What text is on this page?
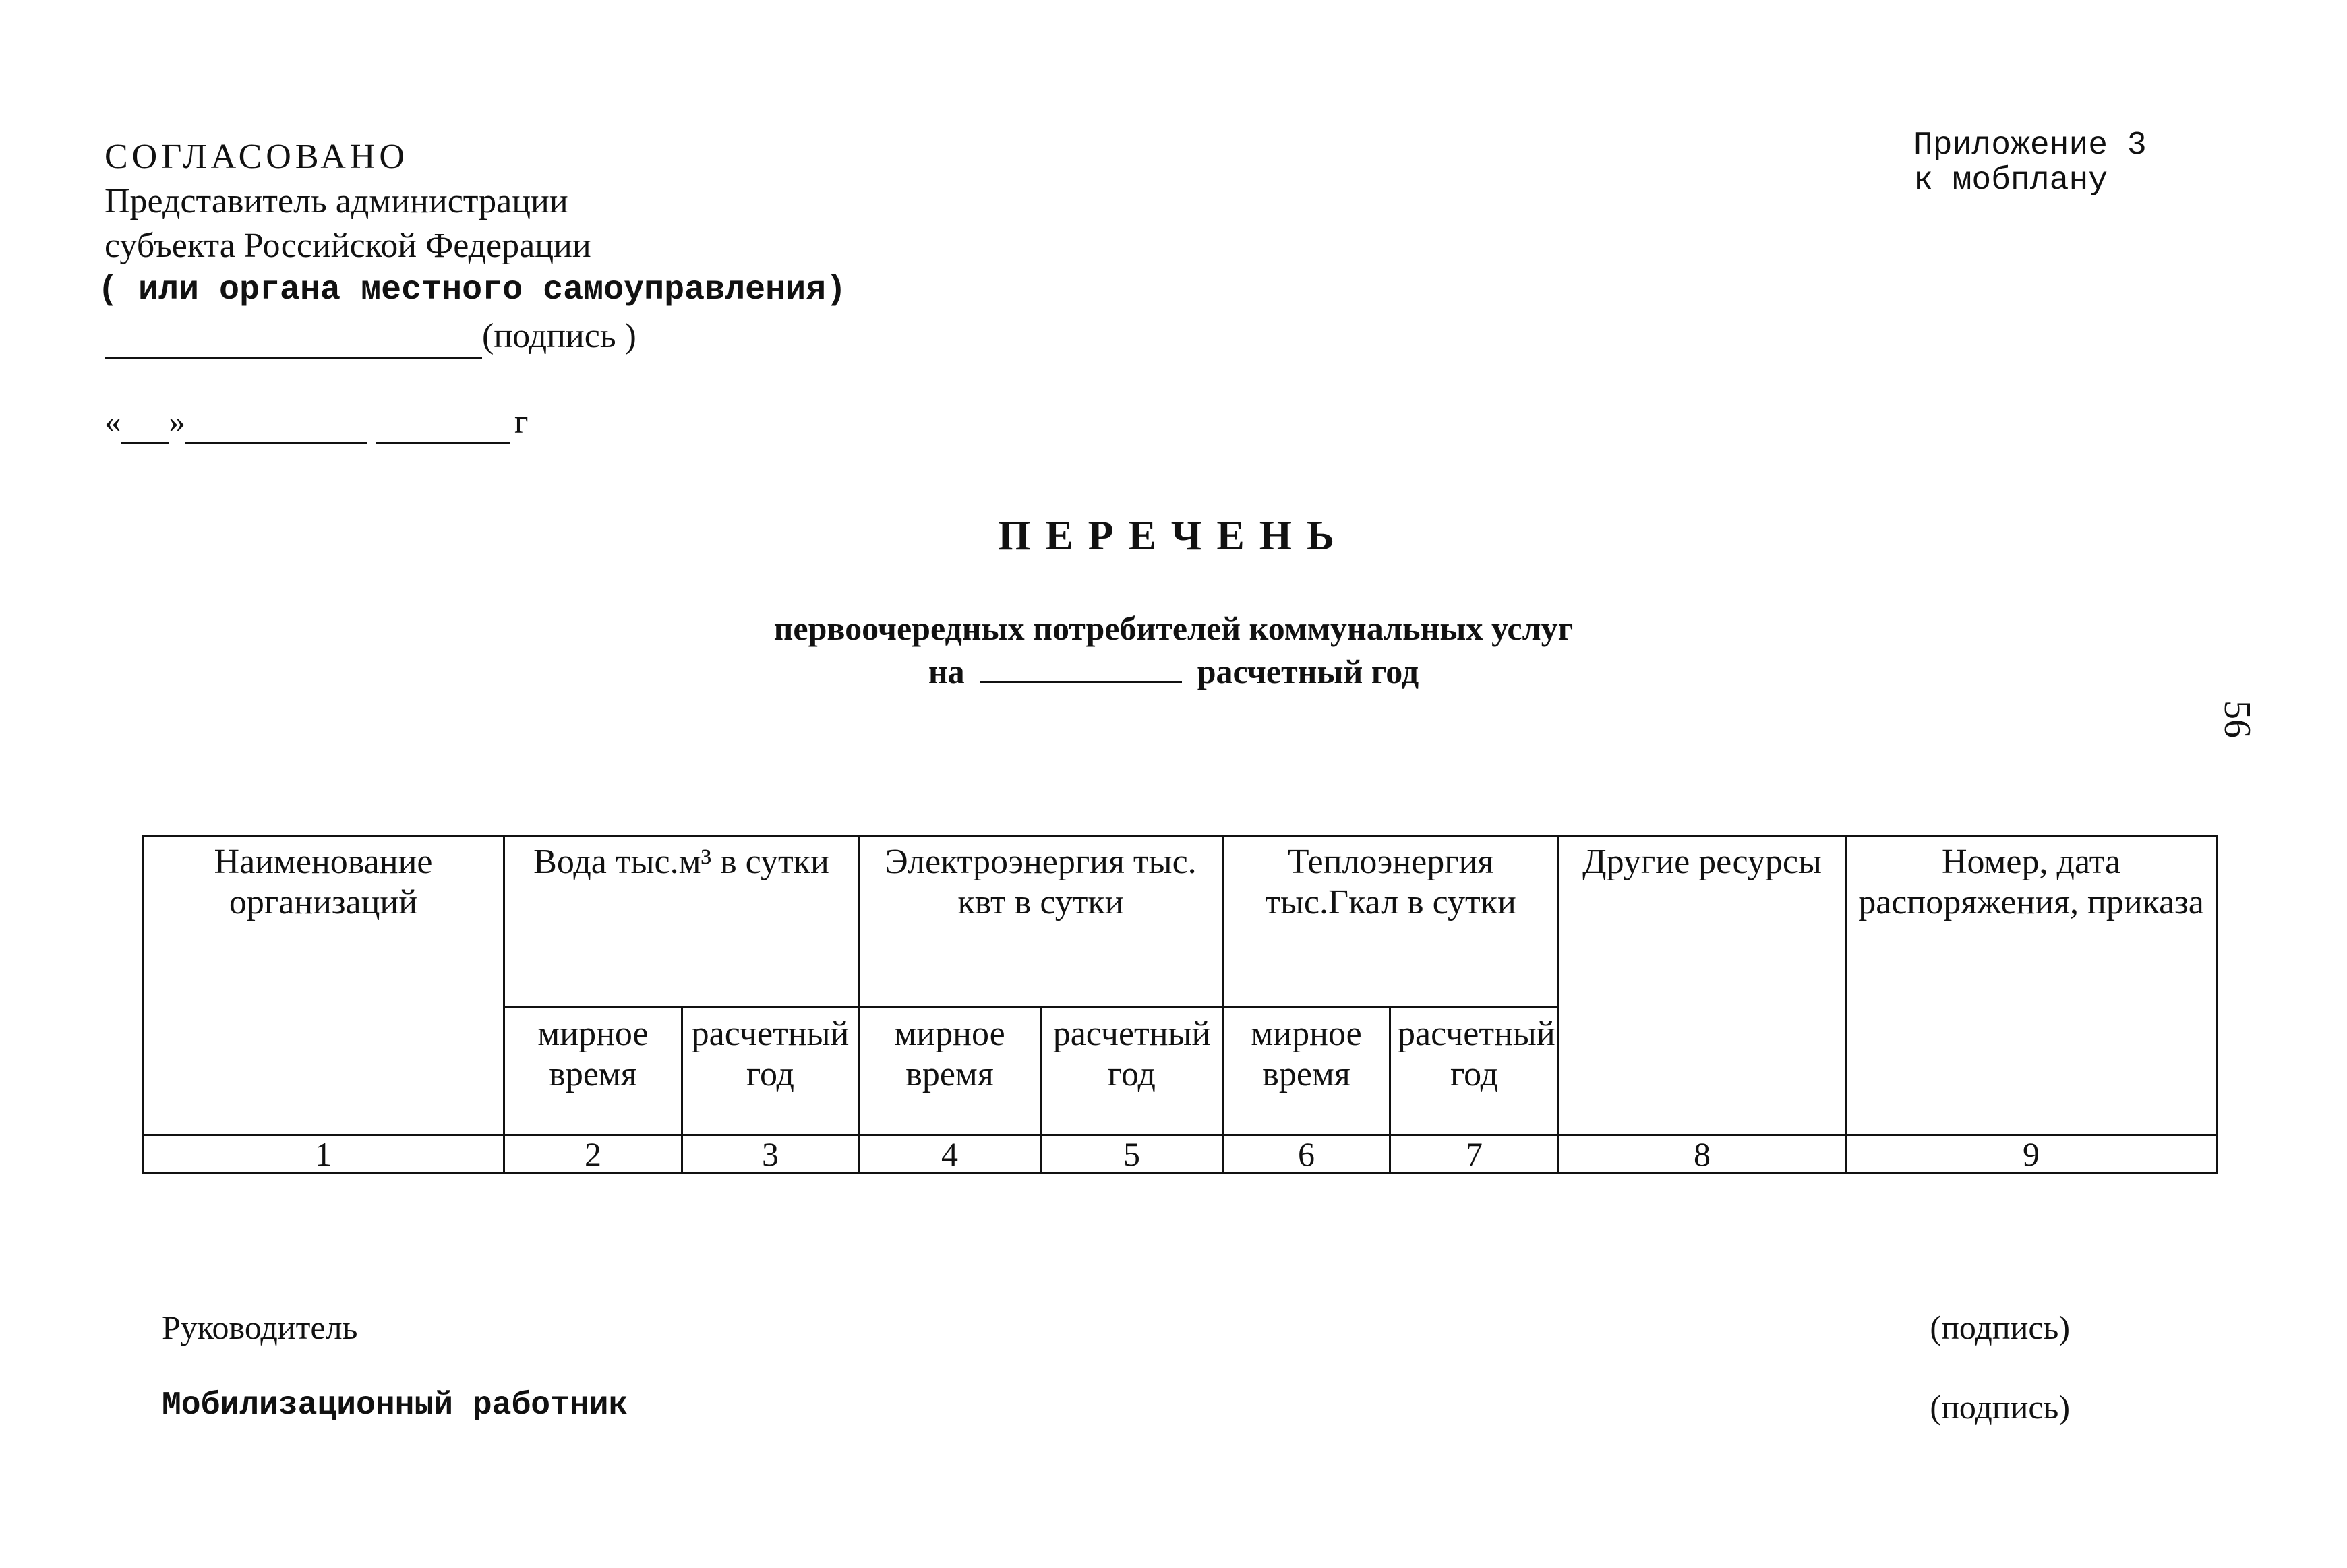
СОГЛАСОВАНО
Представитель администрации
субъекта Российской Федерации
( или органа местного самоуправления)
(подпись )
« »	г
Приложение 3
к мобплану
ПЕРЕЧЕНЬ
первоочередных потребителей коммунальных услуг
на	расчетный год
56
Наименование организаций	Вода тыс.м³ в сутки		Электроэнергия тыс. квт в сутки		Теплоэнергия тыс.Гкал в сутки		Другие ресурсы	Номер, дата распоряжения, приказа
	мирное время	расчетный год	мирное время	расчетный год	мирное время	расчетный год		
1	2	3	4	5	6	7	8	9
Руководитель	(подпись)
Мобилизационный работник	(подпись)
